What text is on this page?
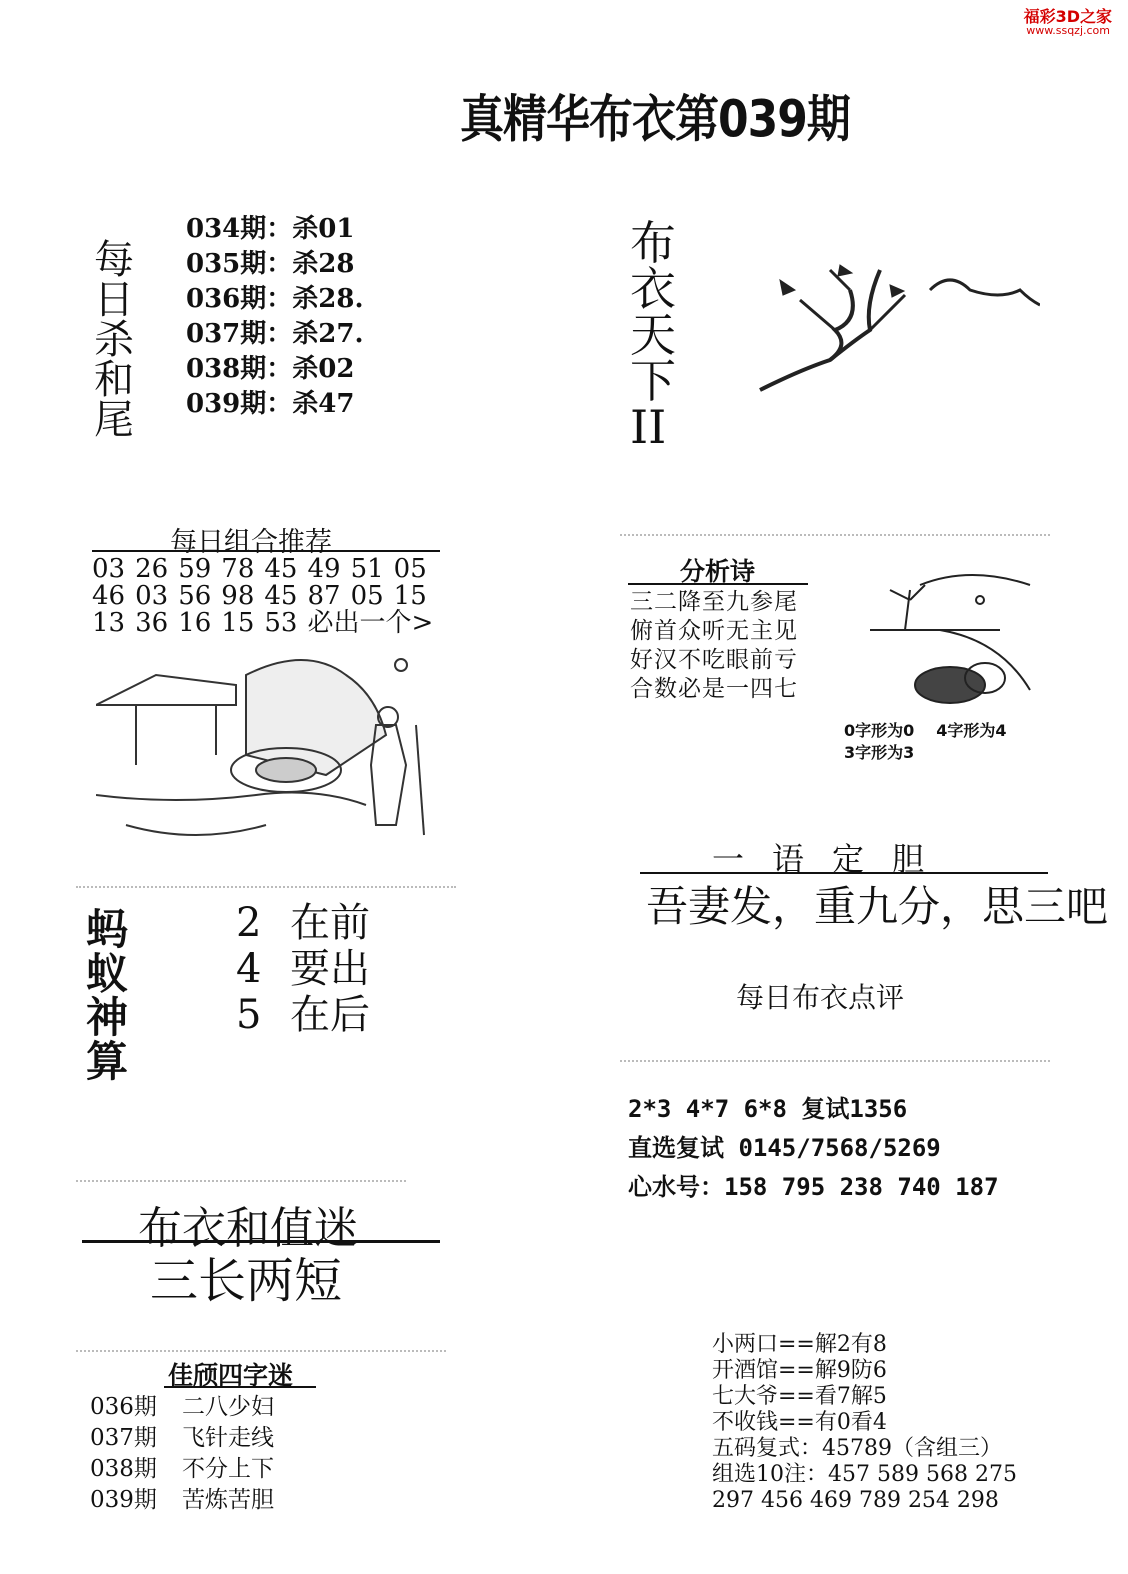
福彩3D之家
www.ssqzj.com
真精华布衣第039期
每
日
杀
和
尾
034期：杀01
035期：杀28
036期：杀28.
037期：杀27.
038期：杀02
039期：杀47
布
衣
天
下
II
每日组合推荐
03 26 59 78 45 49 51 05
46 03 56 98 45 87 05 15
13 36 16 15 53 必出一个>
分析诗
三二降至九参尾
俯首众听无主见
好汉不吃眼前亏
合数必是一四七
0字形为0 4字形为4
3字形为3
一语定胆
吾妻发，重九分，思三吧
每日布衣点评
蚂
蚁
神
算
2 在前
4 要出
5 在后
2*3 4*7 6*8 复试1356
直选复试 0145/7568/5269
心水号：158 795 238 740 187
布衣和值迷
三长两短
佳颀四字迷
036期 二八少妇
037期 飞针走线
038期 不分上下
039期 苦炼苦胆
小两口==解2有8
开酒馆==解9防6
七大爷==看7解5
不收钱==有0看4
五码复式：45789（含组三）
组选10注：457 589 568 275
297 456 469 789 254 298
